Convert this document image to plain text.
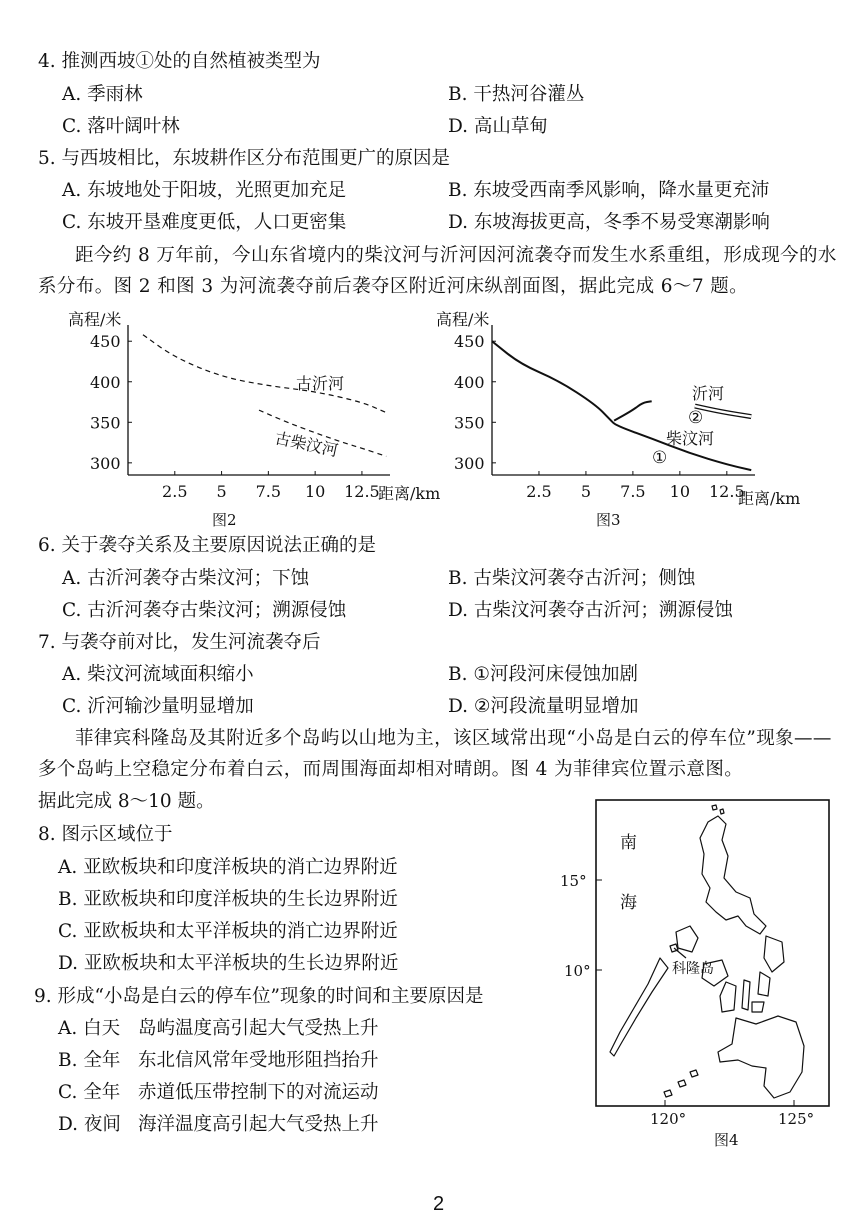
4. 推测西坡①处的自然植被类型为
A. 季雨林	B. 干热河谷灌丛
C. 落叶阔叶林	D. 高山草甸
5. 与西坡相比，东坡耕作区分布范围更广的原因是
A. 东坡地处于阳坡，光照更加充足	B. 东坡受西南季风影响，降水量更充沛
C. 东坡开垦难度更低，人口更密集	D. 东坡海拔更高，冬季不易受寒潮影响
距今约 8 万年前，今山东省境内的柴汶河与沂河因河流袭夺而发生水系重组，形成现今的水系分布。图 2 和图 3 为河流袭夺前后袭夺区附近河床纵剖面图，据此完成 6～7 题。
高程/米
距离/km
450
400
350
300
2.5 5 7.5 10 12.5
古沂河
古柴汶河
图2
高程/米
距离/km
450
400
350
300
2.5 5 7.5 10 12.5
沂河
②
柴汶河
①
图3
6. 关于袭夺关系及主要原因说法正确的是
A. 古沂河袭夺古柴汶河；下蚀	B. 古柴汶河袭夺古沂河；侧蚀
C. 古沂河袭夺古柴汶河；溯源侵蚀	D. 古柴汶河袭夺古沂河；溯源侵蚀
7. 与袭夺前对比，发生河流袭夺后
A. 柴汶河流域面积缩小	B. ①河段河床侵蚀加剧
C. 沂河输沙量明显增加	D. ②河段流量明显增加
菲律宾科隆岛及其附近多个岛屿以山地为主，该区域常出现“小岛是白云的停车位”现象——多个岛屿上空稳定分布着白云，而周围海面却相对晴朗。图 4 为菲律宾位置示意图。
据此完成 8～10 题。
8. 图示区域位于
A. 亚欧板块和印度洋板块的消亡边界附近
B. 亚欧板块和印度洋板块的生长边界附近
C. 亚欧板块和太平洋板块的消亡边界附近
D. 亚欧板块和太平洋板块的生长边界附近
9. 形成“小岛是白云的停车位”现象的时间和主要原因是
A. 白天 岛屿温度高引起大气受热上升
B. 全年 东北信风常年受地形阻挡抬升
C. 全年 赤道低压带控制下的对流运动
D. 夜间 海洋温度高引起大气受热上升
南
海
15°
10°
120°	125°
科隆岛
图4
2
